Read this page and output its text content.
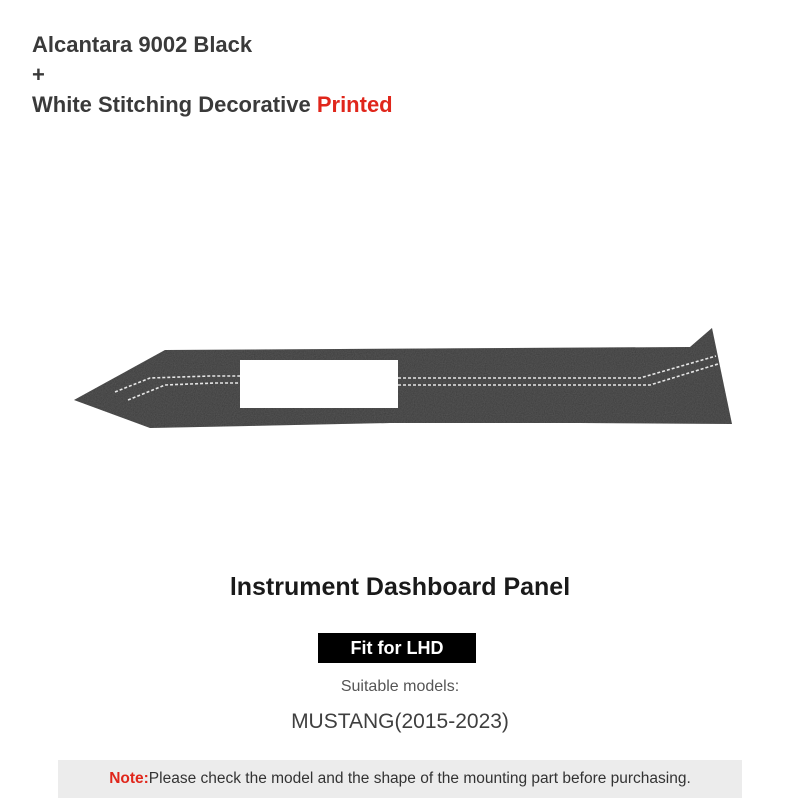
Alcantara 9002 Black
+
White Stitching Decorative Printed
lnstrument Dashboard Panel
Fit for LHD
Suitable models:
MUSTANG(2015-2023)
Note: Please check the model and the shape of the mounting part before purchasing.
